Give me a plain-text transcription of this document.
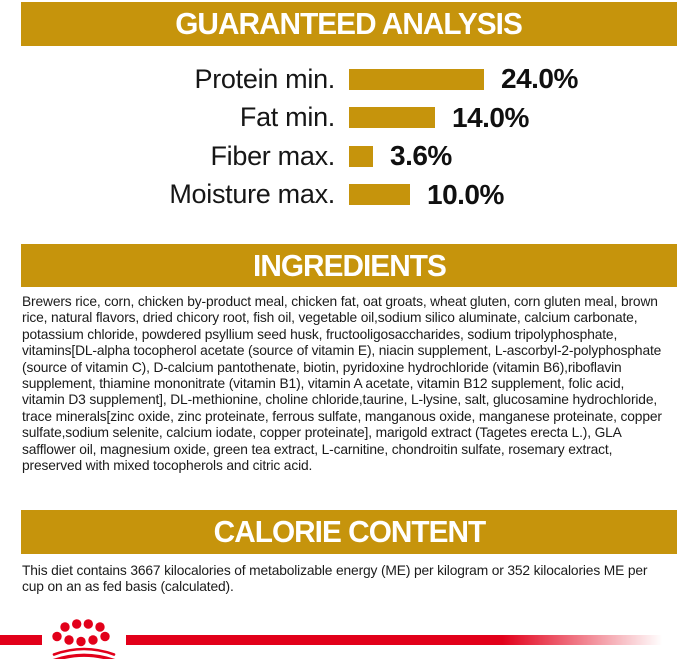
GUARANTEED ANALYSIS
Protein min.	24.0%
Fat min.	14.0%
Fiber max. 3.6%
Moisture max.	10.0%
INGREDIENTS

Brewers rice, corn, chicken by-product meal, chicken fat, oat groats, wheat gluten, corn gluten meal, brown rice, natural flavors, dried chicory root, fish oil, vegetable oil,sodium silico aluminate, calcium carbonate, potassium chloride, powdered psyllium seed husk, fructooligosaccharides, sodium tripolyphosphate, vitamins[DL-alpha tocopherol acetate (source of vitamin E), niacin supplement, L-ascorbyl-2-polyphosphate (source of vitamin C), D-calcium pantothenate, biotin, pyridoxine hydrochloride (vitamin B6),riboflavin supplement, thiamine mononitrate (vitamin B1), vitamin A acetate, vitamin B12 supplement, folic acid, vitamin D3 supplement], DL-methionine, choline chloride,taurine, L-lysine, salt, glucosamine hydrochloride, trace minerals[zinc oxide, zinc proteinate, ferrous sulfate, manganous oxide, manganese proteinate, copper sulfate,sodium selenite, calcium iodate, copper proteinate], marigold extract (Tagetes erecta L.), GLA safflower oil, magnesium oxide, green tea extract, L-carnitine, chondroitin sulfate, rosemary extract, preserved with mixed tocopherols and citric acid.

CALORIE CONTENT

This diet contains 3667 kilocalories of metabolizable energy (ME) per kilogram or 352 kilocalories ME per cup on an as fed basis (calculated).
